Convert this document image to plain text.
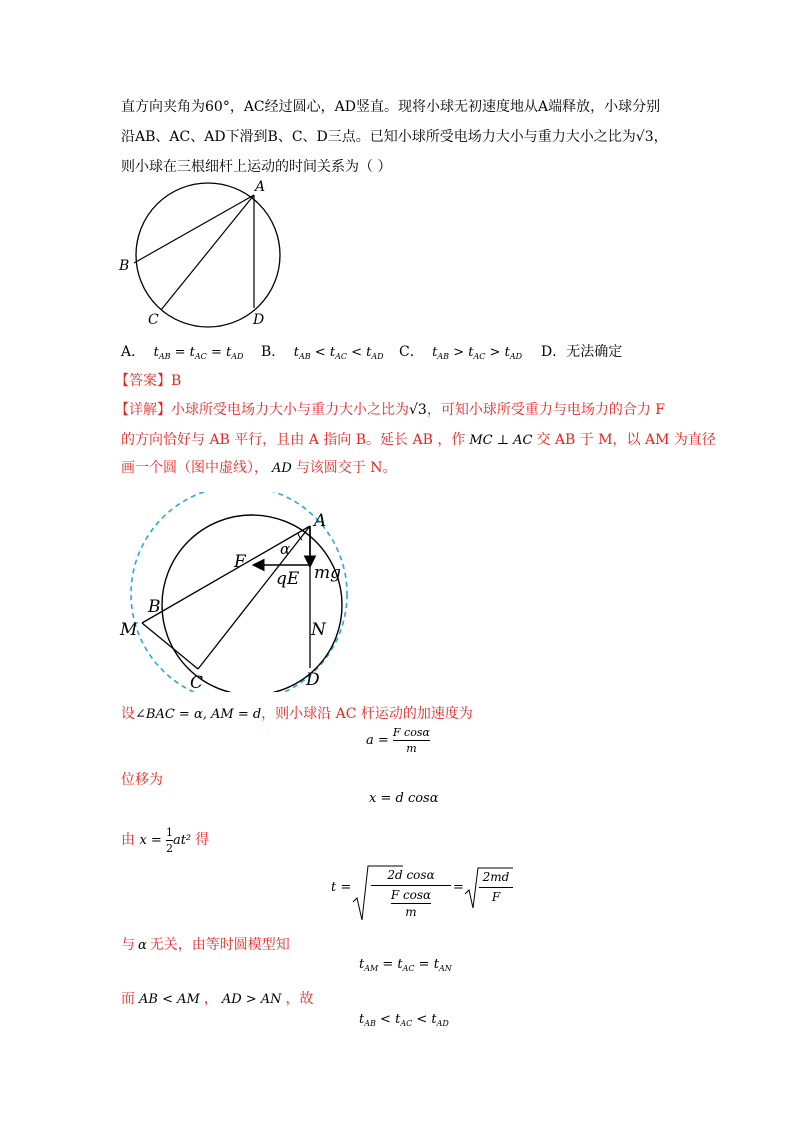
直方向夹角为60°，AC经过圆心，AD竖直。现将小球无初速度地从A端释放，小球分别
沿AB、AC、AD下滑到B、C、D三点。已知小球所受电场力大小与重力大小之比为√3，
则小球在三根细杆上运动的时间关系为（ ）
A
B
C	D
A． $t_{AB} = t_{AC} = t_{AD}$ B． $t_{AB} < t_{AC} < t_{AD}$ C． $t_{AB} > t_{AC} > t_{AD}$ D．无法确定
【答案】B
【详解】小球所受电场力大小与重力大小之比为√3，可知小球所受重力与电场力的合力 F
的方向恰好与 AB 平行，且由 A 指向 B。延长 AB ，作 MC ⊥ AC 交 AB 于 M，以 AM 为直径
画一个圆（图中虚线）， AD 与该圆交于 N。
A
B
C	D
M	N
F
α
qE mg
设∠BAC = α, AM = d，则小球沿 AC 杆运动的加速度为
$a = \frac{\text{F cosα}}{m}$
位移为
x = d cosα
由 $x = \frac{1}{2} at^2$ 得
t =
2d cosα
F cosα
m
=
2md
F
与 α 无关，由等时圆模型知
$t_{AM} = t_{AC} = t_{AN}$
而 AB < AM ， AD > AN ，故
$t_{AB} < t_{AC} < t_{AD}$
